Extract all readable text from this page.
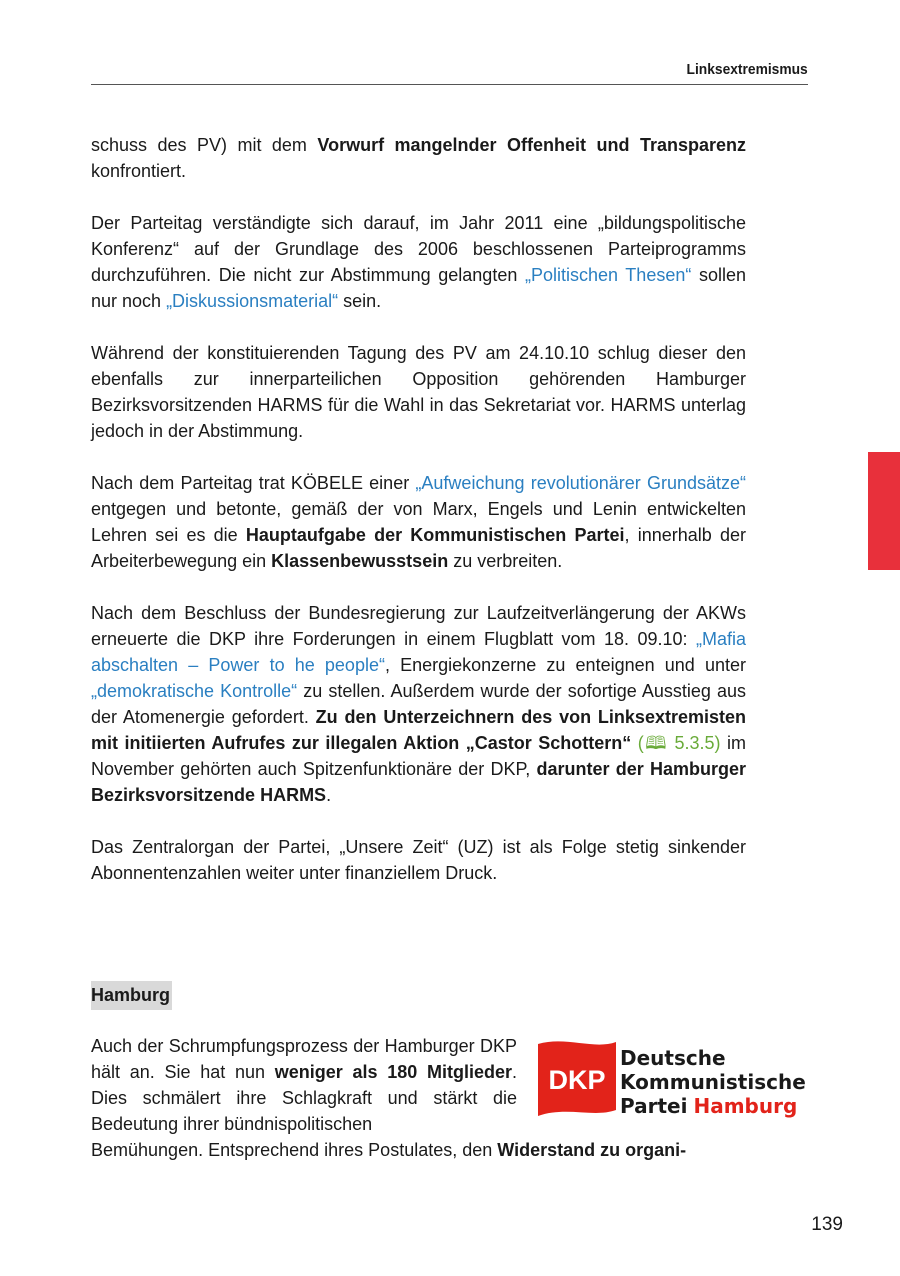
Linksextremismus

schuss des PV) mit dem Vorwurf mangelnder Offenheit und Transparenz konfrontiert.

Der Parteitag verständigte sich darauf, im Jahr 2011 eine „bildungspolitische Konferenz“ auf der Grundlage des 2006 beschlossenen Parteiprogramms durchzuführen. Die nicht zur Abstimmung gelangten „Politischen Thesen“ sollen nur noch „Diskussionsmaterial“ sein.

Während der konstituierenden Tagung des PV am 24.10.10 schlug dieser den ebenfalls zur innerparteilichen Opposition gehörenden Hamburger Bezirksvorsitzenden HARMS für die Wahl in das Sekretariat vor. HARMS unterlag jedoch in der Abstimmung.

Nach dem Parteitag trat KÖBELE einer „Aufweichung revolutionärer Grundsätze“ entgegen und betonte, gemäß der von Marx, Engels und Lenin entwickelten Lehren sei es die Hauptaufgabe der Kommunistischen Partei, innerhalb der Arbeiterbewegung ein Klassenbewusstsein zu verbreiten.

Nach dem Beschluss der Bundesregierung zur Laufzeitverlängerung der AKWs erneuerte die DKP ihre Forderungen in einem Flugblatt vom 18. 09.10: „Mafia abschalten – Power to he people“, Energiekonzerne zu enteignen und unter „demokratische Kontrolle“ zu stellen. Außerdem wurde der sofortige Ausstieg aus der Atomenergie gefordert. Zu den Unterzeichnern des von Linksextremisten mit initiierten Aufrufes zur illegalen Aktion „Castor Schottern“ (🕮 5.3.5) im November gehörten auch Spitzenfunktionäre der DKP, darunter der Hamburger Bezirksvorsitzende HARMS.

Das Zentralorgan der Partei, „Unsere Zeit“ (UZ) ist als Folge stetig sinkender Abonnentenzahlen weiter unter finanziellem Druck.

Hamburg
DKP
Deutsche
Kommunistische
Partei Hamburg
Auch der Schrumpfungsprozess der Hamburger DKP hält an. Sie hat nun weniger als 180 Mitglieder. Dies schmälert ihre Schlagkraft und stärkt die Bedeutung ihrer bündnispolitischen
Bemühungen. Entsprechend ihres Postulates, den Widerstand zu organi-
139
